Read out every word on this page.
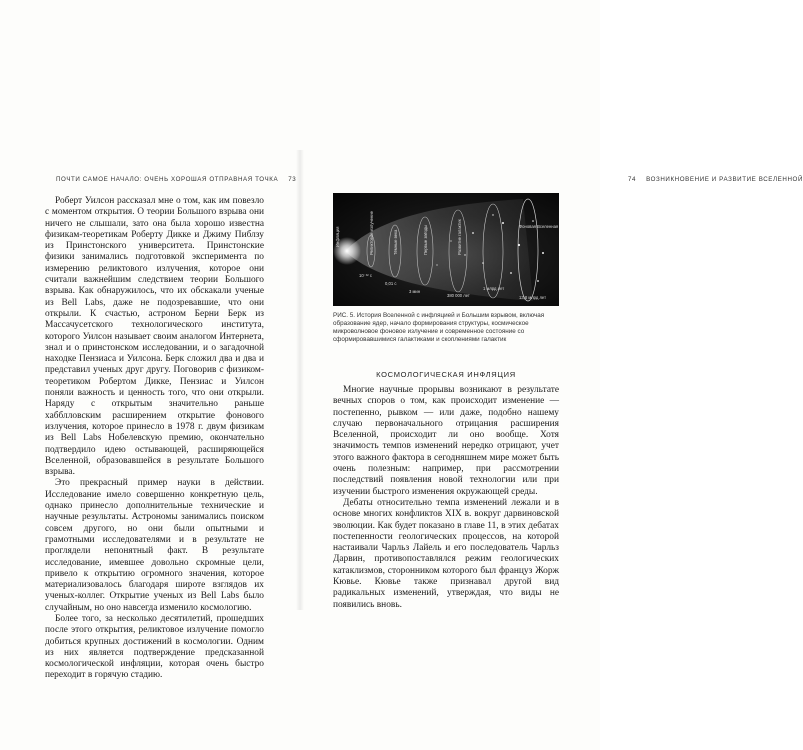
ПОЧТИ САМОЕ НАЧАЛО: ОЧЕНЬ ХОРОШАЯ ОТПРАВНАЯ ТОЧКА 73

Роберт Уилсон рассказал мне о том, как им повезло с моментом открытия. О теории Большого взрыва они ничего не слышали, зато она была хорошо известна физикам-теоретикам Роберту Дикке и Джиму Пиблзу из Принстонского университета. Принстонские физики занимались подготовкой эксперимента по измерению реликтового излучения, которое они считали важнейшим следствием теории Большого взрыва. Как обнаружилось, что их обскакали ученые из Bell Labs, даже не подозревавшие, что они открыли. К счастью, астроном Берни Берк из Массачусетского технологического института, которого Уилсон называет своим аналогом Интернета, знал и о принстонском исследовании, и о загадочной находке Пензиаса и Уилсона. Берк сложил два и два и представил ученых друг другу. Поговорив с физиком-теоретиком Робертом Дикке, Пензиас и Уилсон поняли важность и ценность того, что они открыли. Наряду с открытым значительно раньше хабблловским расширением открытие фонового излучения, которое принесло в 1978 г. двум физикам из Bell Labs Нобелевскую премию, окончательно подтвердило идею остывающей, расширяющейся Вселенной, образовавшейся в результате Большого взрыва.

Это прекрасный пример науки в действии. Исследование имело совершенно конкретную цель, однако принесло дополнительные технические и научные результаты. Астрономы занимались поиском совсем другого, но они были опытными и грамотными исследователями и в результате не проглядели непонятный факт. В результате исследование, имевшее довольно скромные цели, привело к открытию огромного значения, которое материализовалось благодаря широте взглядов их ученых-коллег. Открытие ученых из Bell Labs было случайным, но оно навсегда изменило космологию.

Более того, за несколько десятилетий, прошедших после этого открытия, реликтовое излучение помогло добиться крупных достижений в космологии. Одним из них является подтверждение предсказанной космологической инфляции, которая очень быстро переходит в горячую стадию.

74 ВОЗНИКНОВЕНИЕ И РАЗВИТИЕ ВСЕЛЕННОЙ
Фоновая Вселенная
Инфляция	Реликтовое излучение	Тёмные века	Первые звёзды	Развитие галактик
10⁻³² с
0,01 с
3 мин
380 000 лет
1 млрд лет
13,8 млрд лет
РИС. 5. История Вселенной с инфляцией и Большим взрывом, включая образование ядер, начало формирования структуры, космическое микроволновое фоновое излучение и современное состояние со сформировавшимися галактиками и скоплениями галактик
КОСМОЛОГИЧЕСКАЯ ИНФЛЯЦИЯ

Многие научные прорывы возникают в результате вечных споров о том, как происходит изменение — постепенно, рывком — или даже, подобно нашему случаю первоначального отрицания расширения Вселенной, происходит ли оно вообще. Хотя значимость темпов изменений нередко отрицают, учет этого важного фактора в сегодняшнем мире может быть очень полезным: например, при рассмотрении последствий появления новой технологии или при изучении быстрого изменения окружающей среды.

Дебаты относительно темпа изменений лежали и в основе многих конфликтов XIX в. вокруг дарвиновской эволюции. Как будет показано в главе 11, в этих дебатах постепенности геологических процессов, на которой настаивали Чарльз Лайель и его последователь Чарльз Дарвин, противопоставлялся режим геологических катаклизмов, сторонником которого был француз Жорж Кювье. Кювье также признавал другой вид радикальных изменений, утверждая, что виды не появились вновь.
